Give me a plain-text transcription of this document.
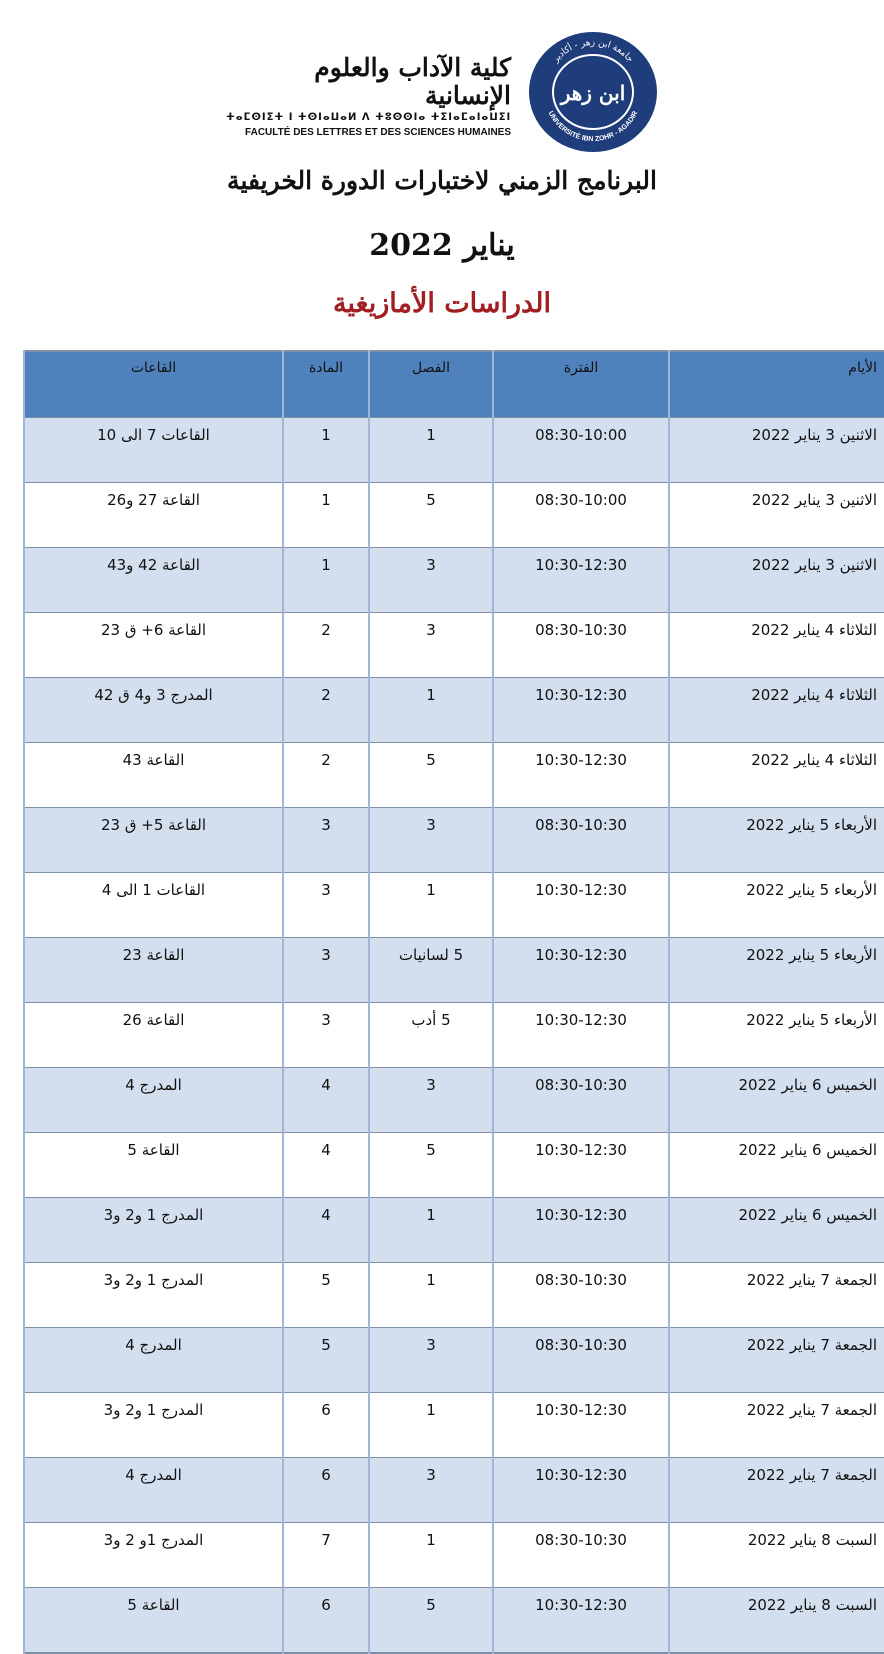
كلية الآداب والعلوم الإنسانية
ⵜⴰⵎⵙⵏⵉⵜ ⵏ ⵜⵙⵏⴰⵡⴰⵍ ⴷ ⵜⵓⵙⵙⵏⴰ ⵜⵉⵏⴰⵎⴰⵏⴰⵡⵉⵏ
FACULTÉ DES LETTRES ET DES SCIENCES HUMAINES
جامعة ابن زهر - أكادير
UNIVERSITÉ IBN ZOHR - AGADIR
ابن زهر
البرنامج الزمني لاختبارات الدورة الخريفية
يناير 2022
الدراسات الأمازيغية
الأيام	الفترة	الفصل	المادة	القاعات
الاثنين 3 يناير 2022	08:30-10:00	1	1	القاعات 7 الى 10
الاثنين 3 يناير 2022	08:30-10:00	5	1	القاعة 27 و26
الاثنين 3 يناير 2022	10:30-12:30	3	1	القاعة 42 و43
الثلاثاء 4 يناير 2022	08:30-10:30	3	2	القاعة 6+ ق 23
الثلاثاء 4 يناير 2022	10:30-12:30	1	2	المدرج 3 و4 ق 42
الثلاثاء 4 يناير 2022	10:30-12:30	5	2	القاعة 43
الأربعاء 5 يناير 2022	08:30-10:30	3	3	القاعة 5+ ق 23
الأربعاء 5 يناير 2022	10:30-12:30	1	3	القاعات 1 الى 4
الأربعاء 5 يناير 2022	10:30-12:30	5 لسانيات	3	القاعة 23
الأربعاء 5 يناير 2022	10:30-12:30	5 أدب	3	القاعة 26
الخميس 6 يناير 2022	08:30-10:30	3	4	المدرج 4
الخميس 6 يناير 2022	10:30-12:30	5	4	القاعة 5
الخميس 6 يناير 2022	10:30-12:30	1	4	المدرج 1 و2 و3
الجمعة 7 يناير 2022	08:30-10:30	1	5	المدرج 1 و2 و3
الجمعة 7 يناير 2022	08:30-10:30	3	5	المدرج 4
الجمعة 7 يناير 2022	10:30-12:30	1	6	المدرج 1 و2 و3
الجمعة 7 يناير 2022	10:30-12:30	3	6	المدرج 4
السبت 8 يناير 2022	08:30-10:30	1	7	المدرج 1و 2 و3
السبت 8 يناير 2022	10:30-12:30	5	6	القاعة 5
